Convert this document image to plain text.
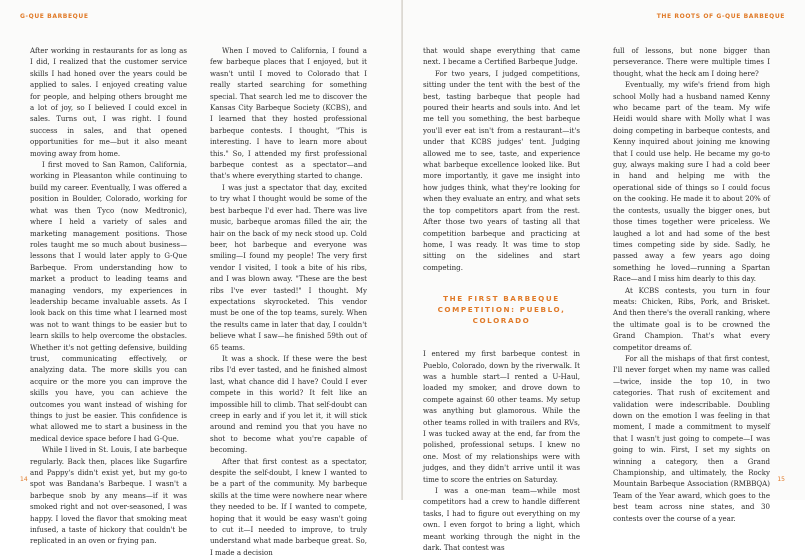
G-QUE BARBEQUE

After working in restaurants for as long as I did, I realized that the customer service skills I had honed over the years could be applied to sales. I enjoyed creating value for people, and helping others brought me a lot of joy, so I believed I could excel in sales. Turns out, I was right. I found success in sales, and that opened opportunities for me—but it also meant moving away from home.

I first moved to San Ramon, California, working in Pleasanton while continuing to build my career. Eventually, I was offered a position in Boulder, Colorado, working for what was then Tyco (now Medtronic), where I held a variety of sales and marketing management positions. Those roles taught me so much about business—lessons that I would later apply to G-Que Barbeque. From understanding how to market a product to leading teams and managing vendors, my experiences in leadership became invaluable assets. As I look back on this time what I learned most was not to want things to be easier but to learn skills to help overcome the obstacles. Whether it's not getting defensive, building trust, communicating effectively, or analyzing data. The more skills you can acquire or the more you can improve the skills you have, you can achieve the outcomes you want instead of wishing for things to just be easier. This confidence is what allowed me to start a business in the medical device space before I had G-Que.

While I lived in St. Louis, I ate barbeque regularly. Back then, places like Sugarfire and Pappy's didn't exist yet, but my go-to spot was Bandana's Barbeque. I wasn't a barbeque snob by any means—if it was smoked right and not over-seasoned, I was happy. I loved the flavor that smoking meat infused, a taste of hickory that couldn't be replicated in an oven or frying pan.

When I moved to California, I found a few barbeque places that I enjoyed, but it wasn't until I moved to Colorado that I really started searching for something special. That search led me to discover the Kansas City Barbeque Society (KCBS), and I learned that they hosted professional barbeque contests. I thought, "This is interesting. I have to learn more about this." So, I attended my first professional barbeque contest as a spectator—and that's where everything started to change.

I was just a spectator that day, excited to try what I thought would be some of the best barbeque I'd ever had. There was live music, barbeque aromas filled the air, the hair on the back of my neck stood up. Cold beer, hot barbeque and everyone was smiling—I found my people! The very first vendor I visited, I took a bite of his ribs, and I was blown away. "These are the best ribs I've ever tasted!" I thought. My expectations skyrocketed. This vendor must be one of the top teams, surely. When the results came in later that day, I couldn't believe what I saw—he finished 59th out of 65 teams.

It was a shock. If these were the best ribs I'd ever tasted, and he finished almost last, what chance did I have? Could I ever compete in this world? It felt like an impossible hill to climb. That self-doubt can creep in early and if you let it, it will stick around and remind you that you have no shot to become what you're capable of becoming.

After that first contest as a spectator, despite the self-doubt, I knew I wanted to be a part of the community. My barbeque skills at the time were nowhere near where they needed to be. If I wanted to compete, hoping that it would be easy wasn't going to cut it—I needed to improve, to truly understand what made barbeque great. So, I made a decision

14
THE ROOTS OF G-QUE BARBEQUE

that would shape everything that came next. I became a Certified Barbeque Judge.

For two years, I judged competitions, sitting under the tent with the best of the best, tasting barbeque that people had poured their hearts and souls into. And let me tell you something, the best barbeque you'll ever eat isn't from a restaurant—it's under that KCBS judges' tent. Judging allowed me to see, taste, and experience what barbeque excellence looked like. But more importantly, it gave me insight into how judges think, what they're looking for when they evaluate an entry, and what sets the top competitors apart from the rest. After those two years of tasting all that competition barbeque and practicing at home, I was ready. It was time to stop sitting on the sidelines and start competing.

THE FIRST BARBEQUE COMPETITION: PUEBLO, COLORADO

I entered my first barbeque contest in Pueblo, Colorado, down by the riverwalk. It was a humble start—I rented a U-Haul, loaded my smoker, and drove down to compete against 60 other teams. My setup was anything but glamorous. While the other teams rolled in with trailers and RVs, I was tucked away at the end, far from the polished, professional setups. I knew no one. Most of my relationships were with judges, and they didn't arrive until it was time to score the entries on Saturday.

I was a one-man team—while most competitors had a crew to handle different tasks, I had to figure out everything on my own. I even forgot to bring a light, which meant working through the night in the dark. That contest was

full of lessons, but none bigger than perseverance. There were multiple times I thought, what the heck am I doing here?

Eventually, my wife's friend from high school Molly had a husband named Kenny who became part of the team. My wife Heidi would share with Molly what I was doing competing in barbeque contests, and Kenny inquired about joining me knowing that I could use help. He became my go-to guy, always making sure I had a cold beer in hand and helping me with the operational side of things so I could focus on the cooking. He made it to about 20% of the contests, usually the bigger ones, but those times together were priceless. We laughed a lot and had some of the best times competing side by side. Sadly, he passed away a few years ago doing something he loved—running a Spartan Race—and I miss him dearly to this day.

At KCBS contests, you turn in four meats: Chicken, Ribs, Pork, and Brisket. And then there's the overall ranking, where the ultimate goal is to be crowned the Grand Champion. That's what every competitor dreams of.

For all the mishaps of that first contest, I'll never forget when my name was called—twice, inside the top 10, in two categories. That rush of excitement and validation were indescribable. Doubling down on the emotion I was feeling in that moment, I made a commitment to myself that I wasn't just going to compete—I was going to win. First, I set my sights on winning a category, then a Grand Championship, and ultimately, the Rocky Mountain Barbeque Association (RMBBQA) Team of the Year award, which goes to the best team across nine states, and 30 contests over the course of a year.

15
